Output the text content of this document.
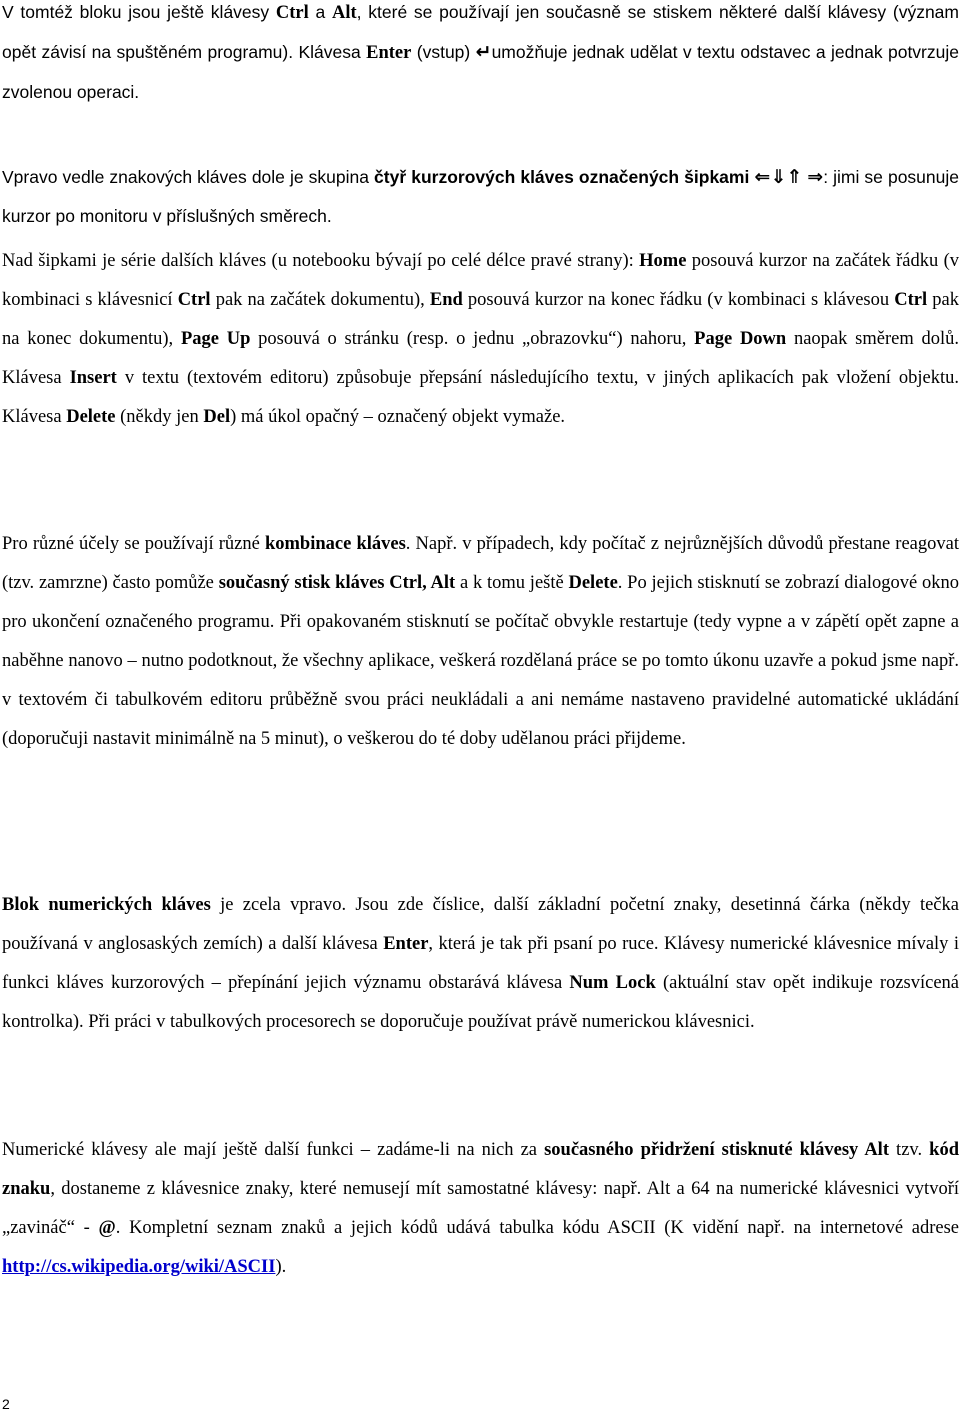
V tomtéž bloku jsou ještě klávesy Ctrl a Alt, které se používají jen současně se stiskem některé další klávesy (význam opět závisí na spuštěném programu). Klávesa Enter (vstup) ↵umožňuje jednak udělat v textu odstavec a jednak potvrzuje zvolenou operaci.

Vpravo vedle znakových kláves dole je skupina čtyř kurzorových kláves označených šipkami ⇐⇓⇑ ⇒: jimi se posunuje kurzor po monitoru v příslušných směrech.

Nad šipkami je série dalších kláves (u notebooku bývají po celé délce pravé strany): Home posouvá kurzor na začátek řádku (v kombinaci s klávesnicí Ctrl pak na začátek dokumentu), End posouvá kurzor na konec řádku (v kombinaci s klávesou Ctrl pak na konec dokumentu), Page Up posouvá o stránku (resp. o jednu „obrazovku“) nahoru, Page Down naopak směrem dolů. Klávesa Insert v textu (textovém editoru) způsobuje přepsání následujícího textu, v jiných aplikacích pak vložení objektu. Klávesa Delete (někdy jen Del) má úkol opačný – označený objekt vymaže.

Pro různé účely se používají různé kombinace kláves. Např. v případech, kdy počítač z nejrůznějších důvodů přestane reagovat (tzv. zamrzne) často pomůže současný stisk kláves Ctrl, Alt a k tomu ještě Delete. Po jejich stisknutí se zobrazí dialogové okno pro ukončení označeného programu. Při opakovaném stisknutí se počítač obvykle restartuje (tedy vypne a v zápětí opět zapne a naběhne nanovo – nutno podotknout, že všechny aplikace, veškerá rozdělaná práce se po tomto úkonu uzavře a pokud jsme např. v textovém či tabulkovém editoru průběžně svou práci neukládali a ani nemáme nastaveno pravidelné automatické ukládání (doporučuji nastavit minimálně na 5 minut), o veškerou do té doby udělanou práci přijdeme.

Blok numerických kláves je zcela vpravo. Jsou zde číslice, další základní početní znaky, desetinná čárka (někdy tečka používaná v anglosaských zemích) a další klávesa Enter, která je tak při psaní po ruce. Klávesy numerické klávesnice mívaly i funkci kláves kurzorových – přepínání jejich významu obstarává klávesa Num Lock (aktuální stav opět indikuje rozsvícená kontrolka). Při práci v tabulkových procesorech se doporučuje používat právě numerickou klávesnici.

Numerické klávesy ale mají ještě další funkci – zadáme-li na nich za současného přidržení stisknuté klávesy Alt tzv. kód znaku, dostaneme z klávesnice znaky, které nemusejí mít samostatné klávesy: např. Alt a 64 na numerické klávesnici vytvoří „zavináč“ - @. Kompletní seznam znaků a jejich kódů udává tabulka kódu ASCII (K vidění např. na internetové adrese http://cs.wikipedia.org/wiki/ASCII).

2
